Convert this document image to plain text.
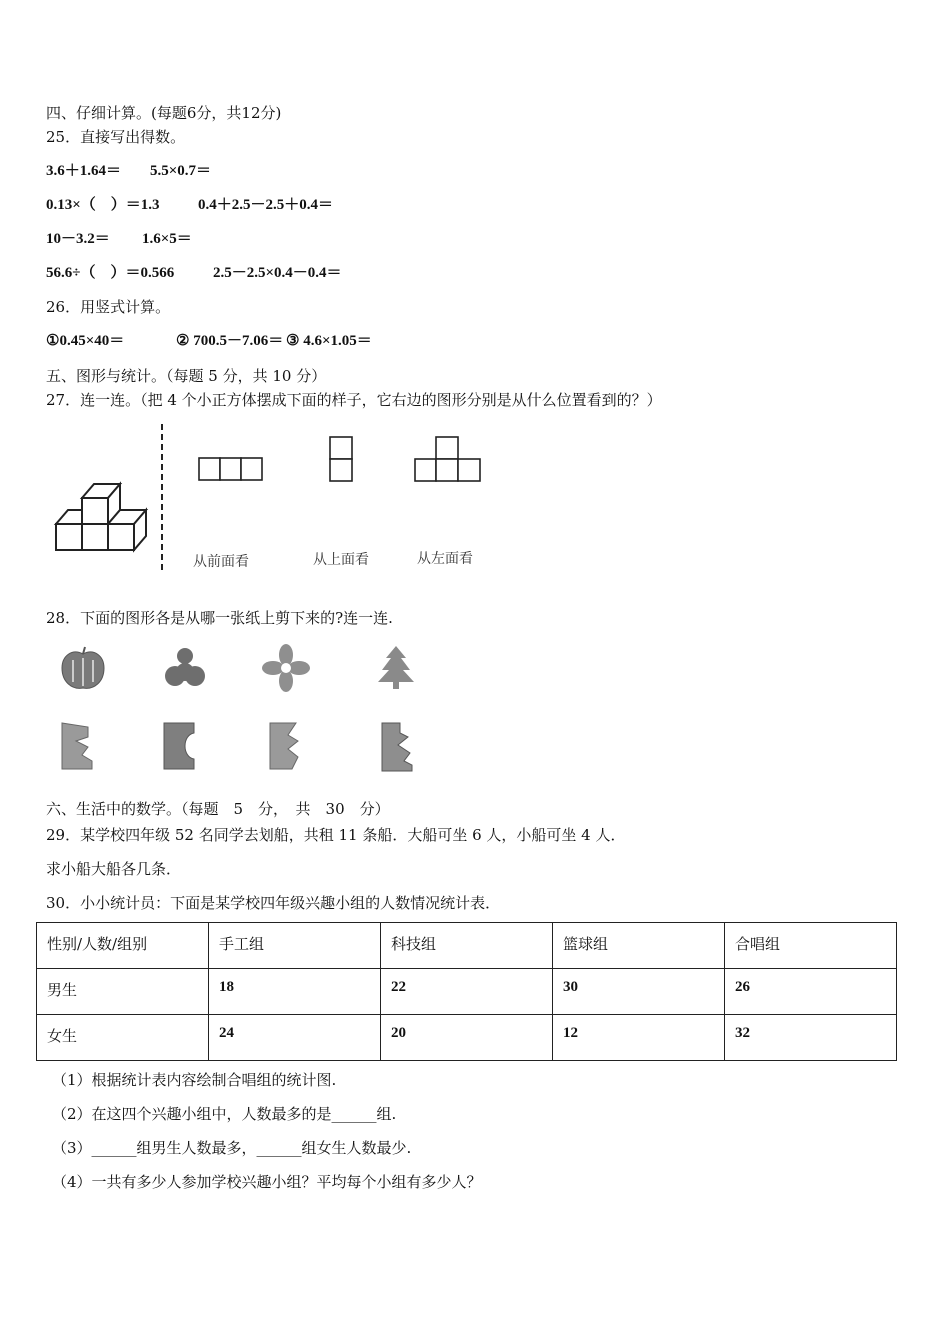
四、仔细计算。(每题6分，共12分)
25．直接写出得数。
3.6＋1.64＝ 5.5×0.7＝
0.13×（　）＝1.3	0.4＋2.5－2.5＋0.4＝
10－3.2＝ 1.6×5＝
56.6÷（　）＝0.566	2.5－2.5×0.4－0.4＝
26．用竖式计算。
①0.45×40＝	② 700.5－7.06＝ ③ 4.6×1.05＝
五、图形与统计。（每题 5 分，共 10 分）
27．连一连。（把 4 个小正方体摆成下面的样子，它右边的图形分别是从什么位置看到的？）
从前面看	从上面看	从左面看
28．下面的图形各是从哪一张纸上剪下来的?连一连.
六、生活中的数学。（每题　5　分，　共　30　分）
29．某学校四年级 52 名同学去划船，共租 11 条船．大船可坐 6 人，小船可坐 4 人．
求小船大船各几条．
30．小小统计员：下面是某学校四年级兴趣小组的人数情况统计表．
性别/人数/组别	手工组	科技组	篮球组	合唱组
男生	18	22	30	26
女生	24	20	12	32
（1）根据统计表内容绘制合唱组的统计图.
（2）在这四个兴趣小组中，人数最多的是______组.
（3）______组男生人数最多，______组女生人数最少.
（4）一共有多少人参加学校兴趣小组？平均每个小组有多少人？
